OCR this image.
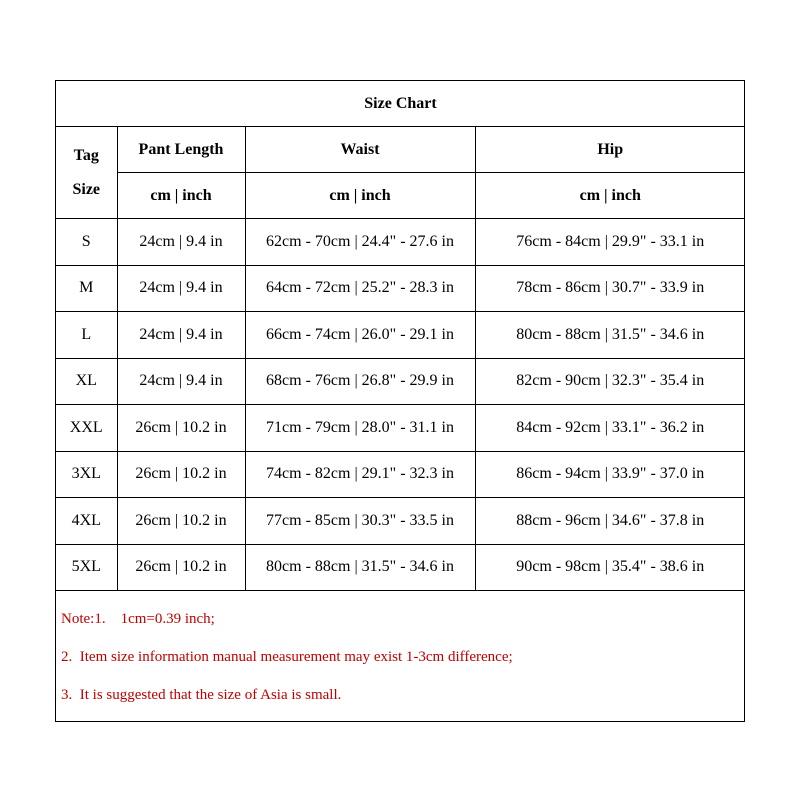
Size Chart			

Tag
Size	Pant Length	Waist	Hip
	cm | inch	cm | inch	cm | inch
S	24cm | 9.4 in	62cm - 70cm | 24.4" - 27.6 in	76cm - 84cm | 29.9" - 33.1 in
M	24cm | 9.4 in	64cm - 72cm | 25.2" - 28.3 in	78cm - 86cm | 30.7" - 33.9 in
L	24cm | 9.4 in	66cm - 74cm | 26.0" - 29.1 in	80cm - 88cm | 31.5" - 34.6 in
XL	24cm | 9.4 in	68cm - 76cm | 26.8" - 29.9 in	82cm - 90cm | 32.3" - 35.4 in
XXL	26cm | 10.2 in	71cm - 79cm | 28.0" - 31.1 in	84cm - 92cm | 33.1" - 36.2 in
3XL	26cm | 10.2 in	74cm - 82cm | 29.1" - 32.3 in	86cm - 94cm | 33.9" - 37.0 in
4XL	26cm | 10.2 in	77cm - 85cm | 30.3" - 33.5 in	88cm - 96cm | 34.6" - 37.8 in
5XL	26cm | 10.2 in	80cm - 88cm | 31.5" - 34.6 in	90cm - 98cm | 35.4" - 38.6 in
Note:1.    1cm=0.39 inch;
2.  Item size information manual measurement may exist 1-3cm difference;
3.  It is suggested that the size of Asia is small.
